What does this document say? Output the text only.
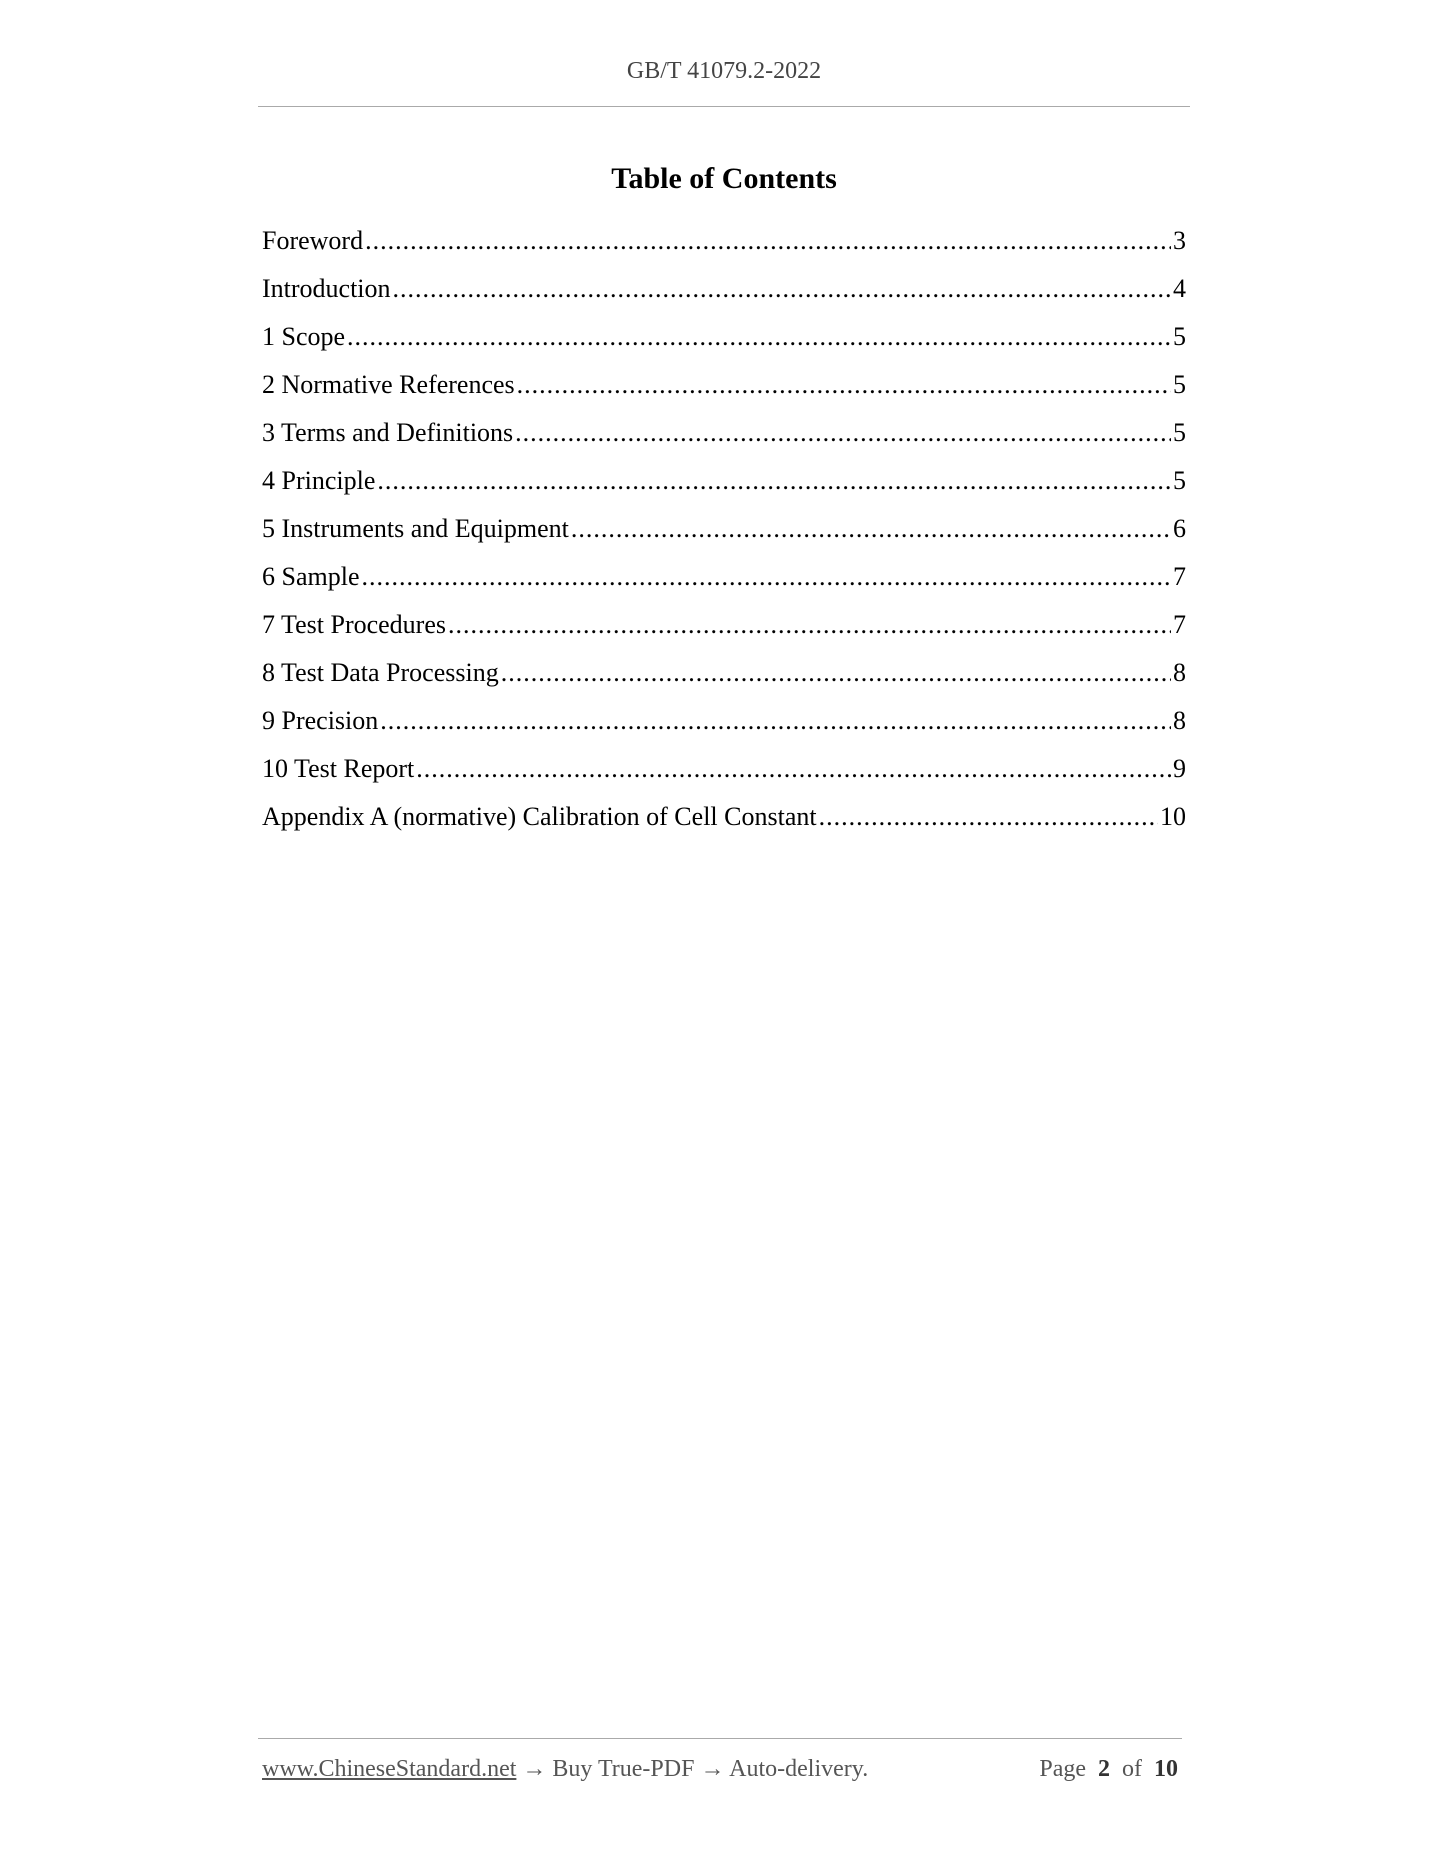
GB/T 41079.2-2022
Table of Contents
Foreword .....	3
Introduction .....	4
1 Scope .....	5
2 Normative References .....	5
3 Terms and Definitions .....	5
4 Principle .....	5
5 Instruments and Equipment .....	6
6 Sample .....	7
7 Test Procedures .....	7
8 Test Data Processing .....	8
9 Precision .....	8
10 Test Report .....	9
Appendix A (normative) Calibration of Cell Constant .....	10
www.ChineseStandard.net → Buy True-PDF → Auto-delivery.	Page 2 of 10
